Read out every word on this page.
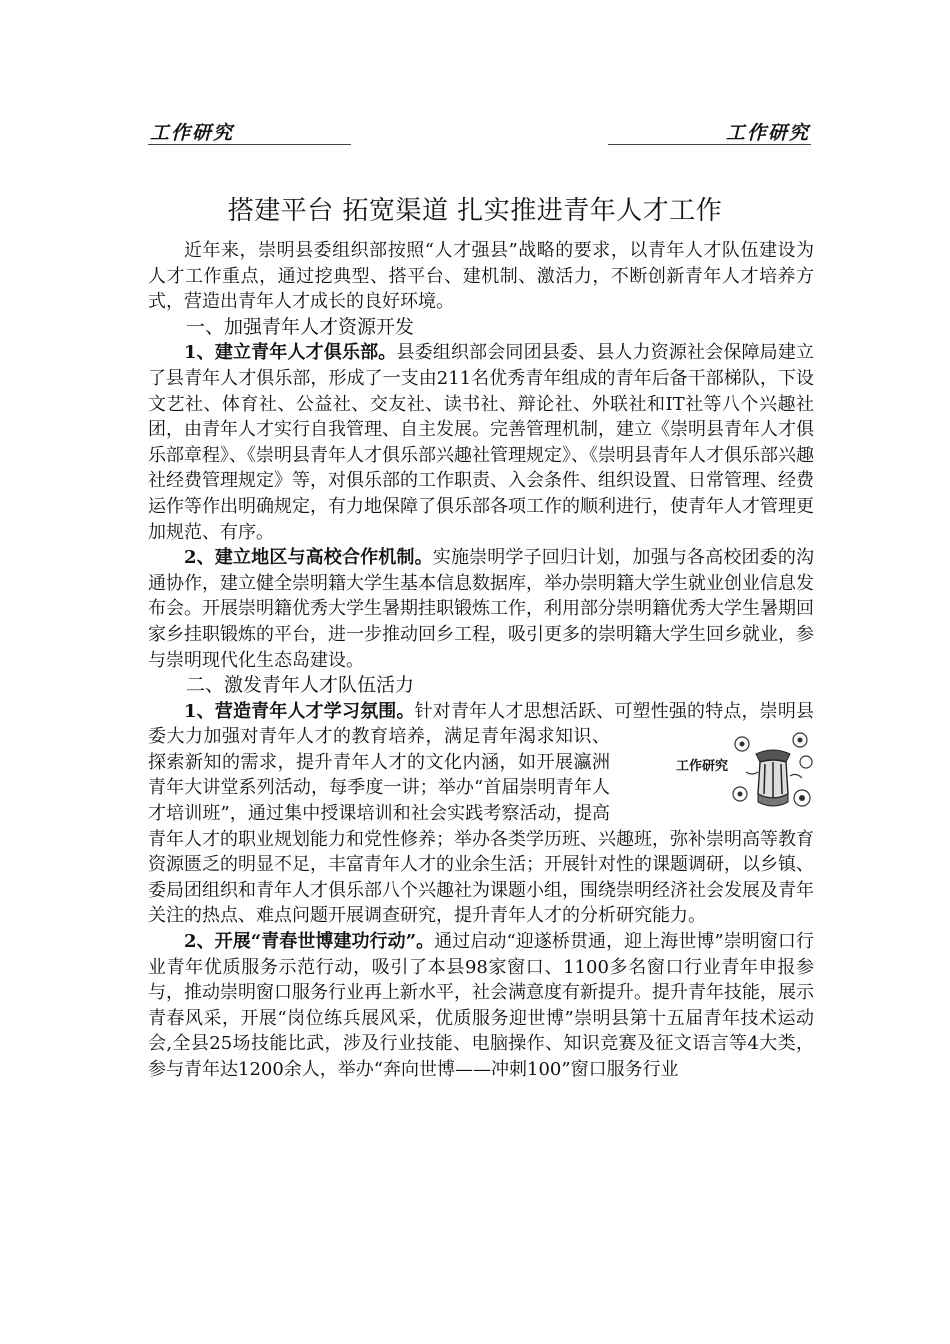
工作研究	工作研究
搭建平台 拓宽渠道 扎实推进青年人才工作

近年来，崇明县委组织部按照“人才强县”战略的要求，以青年人才队伍建设为人才工作重点，通过挖典型、搭平台、建机制、激活力，不断创新青年人才培养方式，营造出青年人才成长的良好环境。

一、加强青年人才资源开发

1、建立青年人才俱乐部。县委组织部会同团县委、县人力资源社会保障局建立了县青年人才俱乐部，形成了一支由211名优秀青年组成的青年后备干部梯队，下设文艺社、体育社、公益社、交友社、读书社、辩论社、外联社和IT社等八个兴趣社团，由青年人才实行自我管理、自主发展。完善管理机制，建立《崇明县青年人才俱乐部章程》、《崇明县青年人才俱乐部兴趣社管理规定》、《崇明县青年人才俱乐部兴趣社经费管理规定》等，对俱乐部的工作职责、入会条件、组织设置、日常管理、经费运作等作出明确规定，有力地保障了俱乐部各项工作的顺利进行，使青年人才管理更加规范、有序。

2、建立地区与高校合作机制。实施崇明学子回归计划，加强与各高校团委的沟通协作，建立健全崇明籍大学生基本信息数据库，举办崇明籍大学生就业创业信息发布会。开展崇明籍优秀大学生暑期挂职锻炼工作，利用部分崇明籍优秀大学生暑期回家乡挂职锻炼的平台，进一步推动回乡工程，吸引更多的崇明籍大学生回乡就业，参与崇明现代化生态岛建设。

二、激发青年人才队伍活力

1、营造青年人才学习氛围。针对青年人才思想活跃、可塑性强的特点，崇明县委大力加强对青年人才的教育培养，满足青年渴求知识、
工作研究
探索新知的需求，提升青年人才的文化内涵，如开展瀛洲青年大讲堂系列活动，每季度一讲；举办“首届崇明青年人才培训班”，通过集中授课培训和社会实践考察活动，提高青年人才的职业规划能力和党性修养；举办各类学历班、兴趣班，弥补崇明高等教育资源匮乏的明显不足，丰富青年人才的业余生活；开展针对性的课题调研，以乡镇、委局团组织和青年人才俱乐部八个兴趣社为课题小组，围绕崇明经济社会发展及青年关注的热点、难点问题开展调查研究，提升青年人才的分析研究能力。

2、开展“青春世博建功行动”。通过启动“迎遂桥贯通，迎上海世博”崇明窗口行业青年优质服务示范行动，吸引了本县98家窗口、1100多名窗口行业青年申报参与，推动崇明窗口服务行业再上新水平，社会满意度有新提升。提升青年技能，展示青春风采，开展“岗位练兵展风采，优质服务迎世博”崇明县第十五届青年技术运动会,全县25场技能比武，涉及行业技能、电脑操作、知识竞赛及征文语言等4大类，参与青年达1200余人，举办“奔向世博——冲刺100”窗口服务行业
